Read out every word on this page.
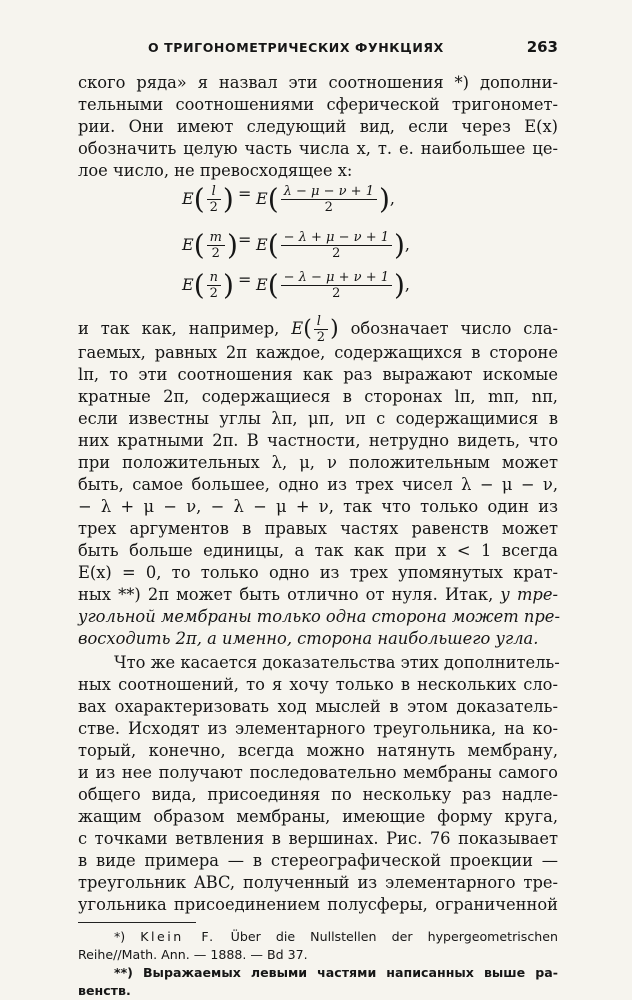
О ТРИГОНОМЕТРИЧЕСКИХ ФУНКЦИЯХ	263
ского ряда» я назвал эти соотношения *) дополни-
тельными соотношениями сферической тригономет-
рии. Они имеют следующий вид, если через E(x)
обозначить целую часть числа x, т. е. наибольшее це-
лое число, не превосходящее x:
$E( \frac{l}{2}$ ) = $E( \frac{\lambda - \mu - \nu + 1}{2}$ ),
$E( \frac{m}{2}$ ) = $E( \frac{- \lambda + \mu - \nu + 1}{2}$ ),
$E( \frac{n}{2}$ ) = $E( \frac{- \lambda - \mu + \nu + 1}{2}$ ),
и так как, например, $E( \frac{l}{2}$ ) обозначает число сла-
гаемых, равных 2π каждое, содержащихся в стороне
lπ, то эти соотношения как раз выражают искомые
кратные 2π, содержащиеся в сторонах lπ, mπ, nπ,
если известны углы λπ, μπ, νπ с содержащимися в
них кратными 2π. В частности, нетрудно видеть, что
при положительных λ, μ, ν положительным может
быть, самое большее, одно из трех чисел λ − μ − ν,
− λ + μ − ν, − λ − μ + ν, так что только один из
трех аргументов в правых частях равенств может
быть больше единицы, а так как при x < 1 всегда
E(x) = 0, то только одно из трех упомянутых крат-
ных **) 2π может быть отлично от нуля. Итак, у тре-
угольной мембраны только одна сторона может пре-
восходить 2π, а именно, сторона наибольшего угла.
Что же касается доказательства этих дополнитель-
ных соотношений, то я хочу только в нескольких сло-
вах охарактеризовать ход мыслей в этом доказатель-
стве. Исходят из элементарного треугольника, на ко-
торый, конечно, всегда можно натянуть мембрану,
и из нее получают последовательно мембраны самого
общего вида, присоединяя по нескольку раз надле-
жащим образом мембраны, имеющие форму круга,
с точками ветвления в вершинах. Рис. 76 показывает
в виде примера — в стереографической проекции —
треугольник ABC, полученный из элементарного тре-
угольника присоединением полусферы, ограниченной
*) Klein F. Über die Nullstellen der hypergeometrischen
Reihe//Math. Ann. — 1888. — Bd 37.
**) Выражаемых левыми частями написанных выше ра-
венств.
